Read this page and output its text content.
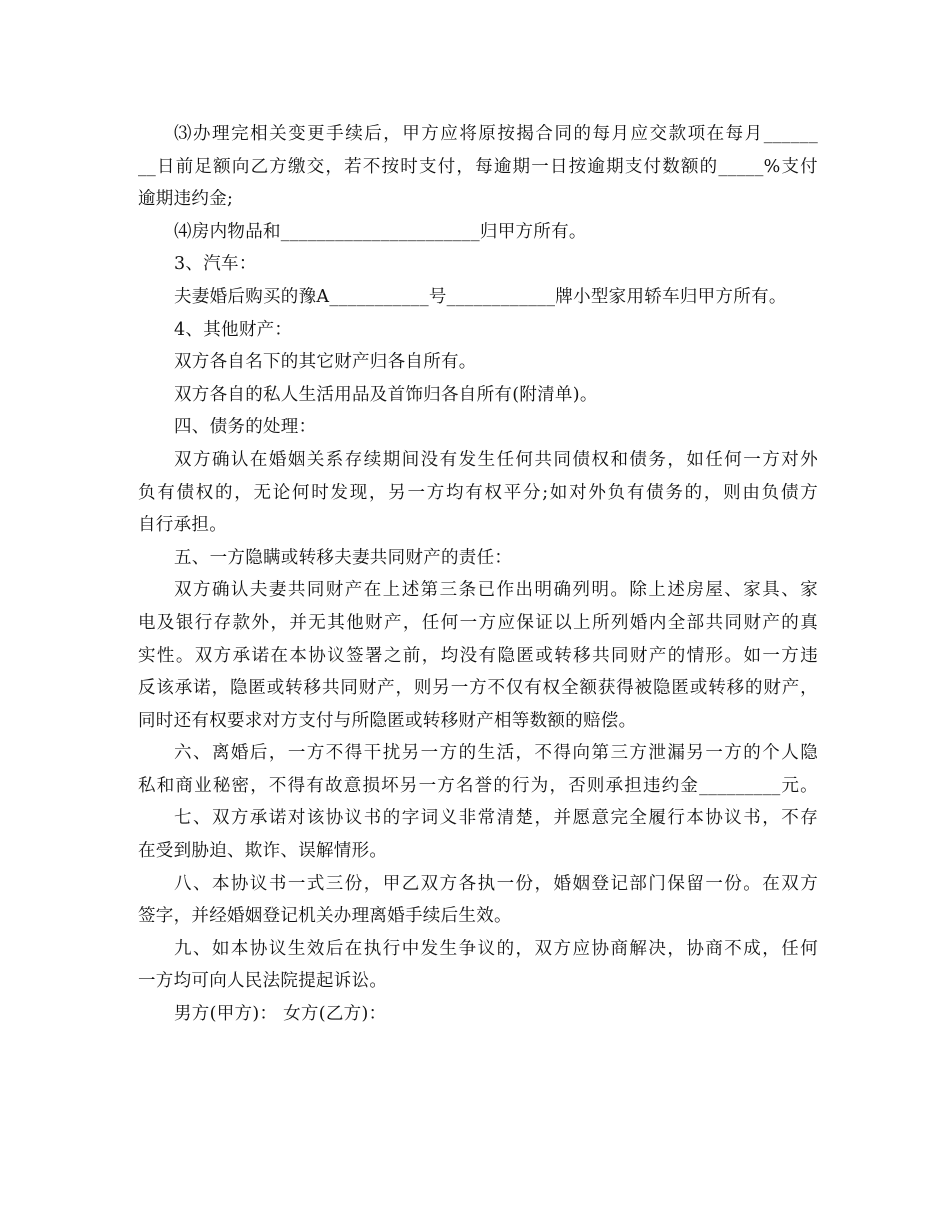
⑶办理完相关变更手续后，甲方应将原按揭合同的每月应交款项在每月______
__日前足额向乙方缴交，若不按时支付，每逾期一日按逾期支付数额的_____%支付
逾期违约金;
⑷房内物品和______________________归甲方所有。
3、汽车：
夫妻婚后购买的豫A___________号____________牌小型家用轿车归甲方所有。
4、其他财产：
双方各自名下的其它财产归各自所有。
双方各自的私人生活用品及首饰归各自所有(附清单)。
四、债务的处理：
双方确认在婚姻关系存续期间没有发生任何共同债权和债务，如任何一方对外
负有债权的，无论何时发现，另一方均有权平分;如对外负有债务的，则由负债方
自行承担。
五、一方隐瞒或转移夫妻共同财产的责任：
双方确认夫妻共同财产在上述第三条已作出明确列明。除上述房屋、家具、家
电及银行存款外，并无其他财产，任何一方应保证以上所列婚内全部共同财产的真
实性。双方承诺在本协议签署之前，均没有隐匿或转移共同财产的情形。如一方违
反该承诺，隐匿或转移共同财产，则另一方不仅有权全额获得被隐匿或转移的财产，
同时还有权要求对方支付与所隐匿或转移财产相等数额的赔偿。
六、离婚后，一方不得干扰另一方的生活，不得向第三方泄漏另一方的个人隐
私和商业秘密，不得有故意损坏另一方名誉的行为，否则承担违约金_________元。
七、双方承诺对该协议书的字词义非常清楚，并愿意完全履行本协议书，不存
在受到胁迫、欺诈、误解情形。
八、本协议书一式三份，甲乙双方各执一份，婚姻登记部门保留一份。在双方
签字，并经婚姻登记机关办理离婚手续后生效。
九、如本协议生效后在执行中发生争议的，双方应协商解决，协商不成，任何
一方均可向人民法院提起诉讼。
男方(甲方)： 女方(乙方)：
